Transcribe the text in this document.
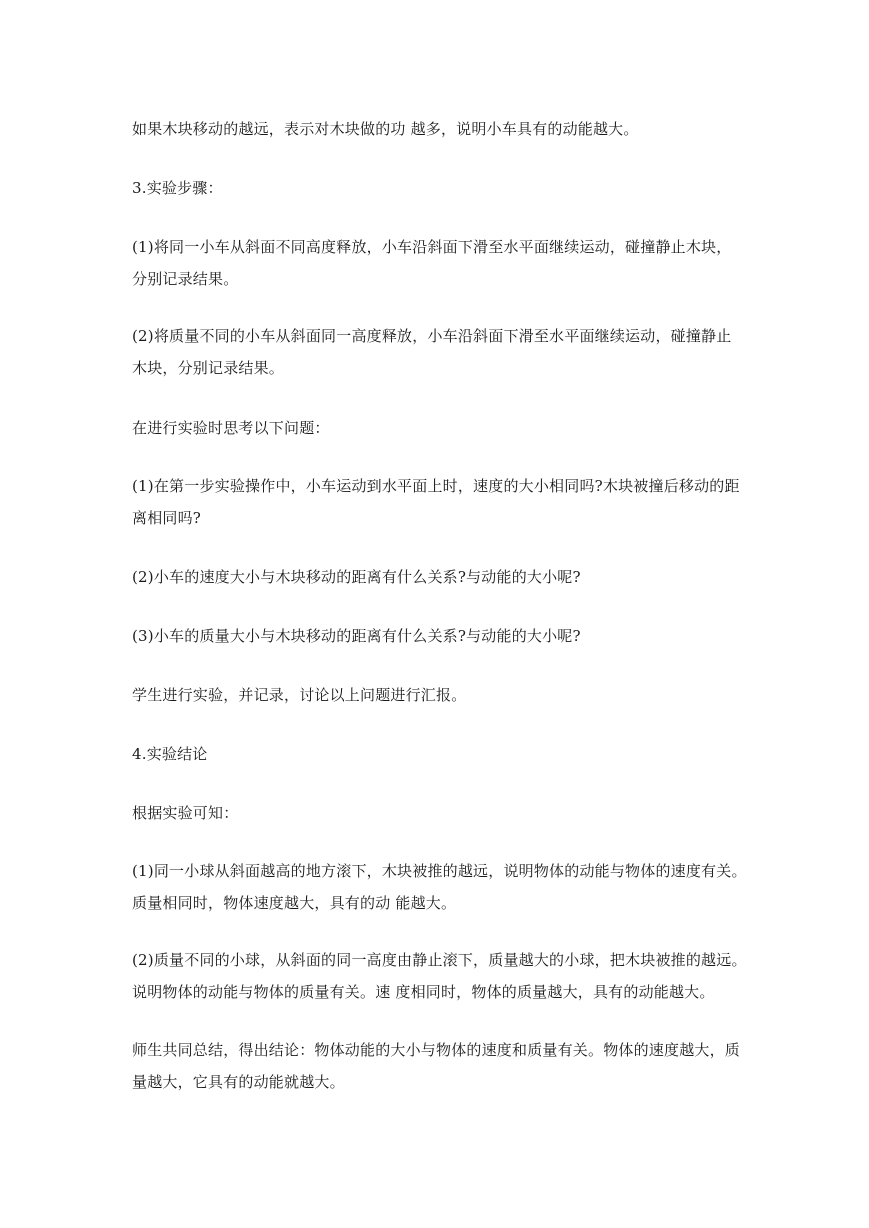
如果木块移动的越远，表示对木块做的功 越多，说明小车具有的动能越大。

3.实验步骤：

(1)将同一小车从斜面不同高度释放，小车沿斜面下滑至水平面继续运动，碰撞静止木块，
分别记录结果。

(2)将质量不同的小车从斜面同一高度释放，小车沿斜面下滑至水平面继续运动，碰撞静止
木块，分别记录结果。

在进行实验时思考以下问题：

(1)在第一步实验操作中，小车运动到水平面上时，速度的大小相同吗?木块被撞后移动的距
离相同吗?

(2)小车的速度大小与木块移动的距离有什么关系?与动能的大小呢?

(3)小车的质量大小与木块移动的距离有什么关系?与动能的大小呢?

学生进行实验，并记录，讨论以上问题进行汇报。

4.实验结论

根据实验可知：

(1)同一小球从斜面越高的地方滚下，木块被推的越远，说明物体的动能与物体的速度有关。
质量相同时，物体速度越大，具有的动 能越大。

(2)质量不同的小球，从斜面的同一高度由静止滚下，质量越大的小球，把木块被推的越远。
说明物体的动能与物体的质量有关。速 度相同时，物体的质量越大，具有的动能越大。

师生共同总结，得出结论：物体动能的大小与物体的速度和质量有关。物体的速度越大，质
量越大，它具有的动能就越大。
